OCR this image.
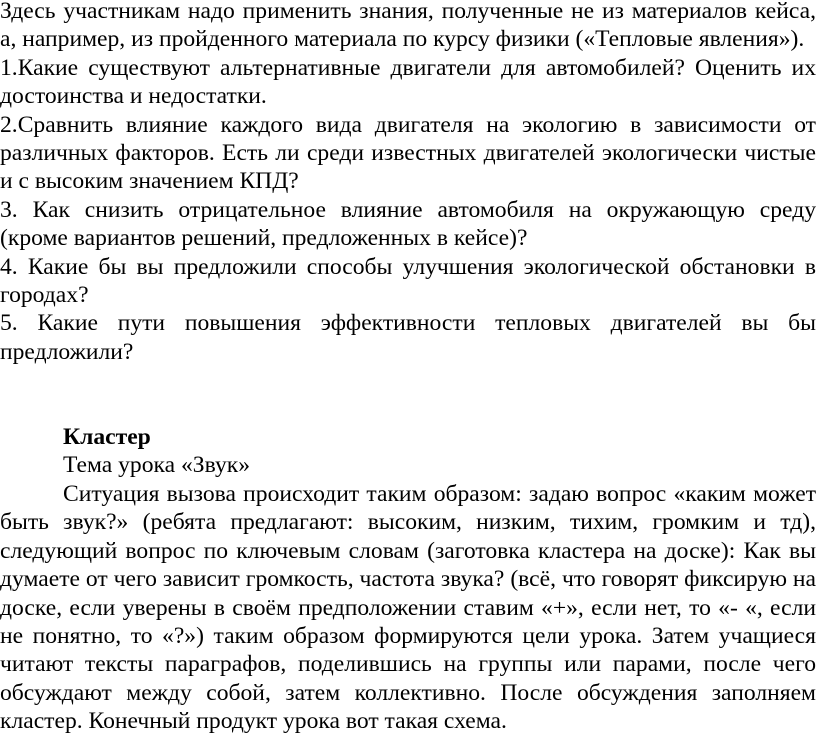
Здесь участникам надо применить знания, полученные не из материалов кейса, а, например, из пройденного материала по курсу физики («Тепловые явления»).

1.Какие существуют альтернативные двигатели для автомобилей? Оценить их достоинства и недостатки.

2.Сравнить влияние каждого вида двигателя на экологию в зависимости от различных факторов. Есть ли среди известных двигателей экологически чистые и с высоким значением КПД?

3. Как снизить отрицательное влияние автомобиля на окружающую среду (кроме вариантов решений, предложенных в кейсе)?

4. Какие бы вы предложили способы улучшения экологической обстановки в городах?

5. Какие пути повышения эффективности тепловых двигателей вы бы предложили?

Кластер

Тема урока «Звук»

Ситуация вызова происходит таким образом: задаю вопрос «каким может быть звук?» (ребята предлагают: высоким, низким, тихим, громким и тд), следующий вопрос по ключевым словам (заготовка кластера на доске): Как вы думаете от чего зависит громкость, частота звука? (всё, что говорят фиксирую на доске, если уверены в своём предположении ставим «+», если нет, то «- «, если не понятно, то «?») таким образом формируются цели урока. Затем учащиеся читают тексты параграфов, поделившись на группы или парами, после чего обсуждают между собой, затем коллективно. После обсуждения заполняем кластер. Конечный продукт урока вот такая схема.
